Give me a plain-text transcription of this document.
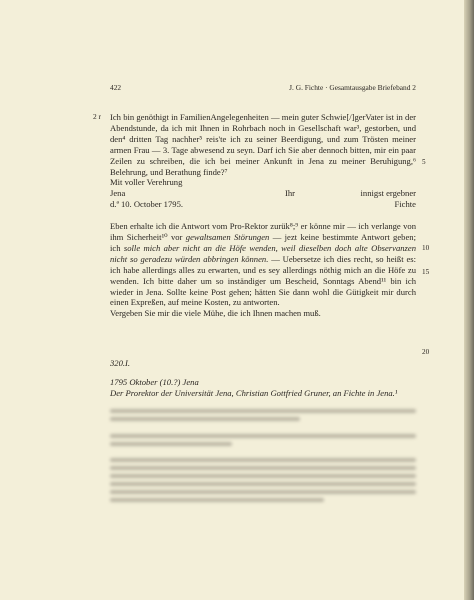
422	J. G. Fichte · Gesamtausgabe Briefeband 2
2 r Ich bin genöthigt in FamilienAngelegenheiten — mein guter Schwie[/]gerVater ist in der Abendstunde, da ich mit Ihnen in Rohrbach noch in Gesellschaft war³, gestorben, und den⁴ dritten Tag nachher⁵ reis'te ich zu seiner Beerdigung, und zum Trösten meiner armen Frau — 3. Tage abwesend zu seyn. Darf ich Sie aber dennoch bitten, mir ein paar Zeilen zu schreiben, die ich bei meiner Ankunft in Jena zu meiner Beruhigung,⁶ Belehrung, und Berathung finde?⁷

Mit voller Verehrung

Jena	Ihr	innigst ergebner
d.ª 10. October 1795.	Fichte

Eben erhalte ich die Antwort vom Pro-Rektor zurük⁸;⁹ er könne mir — ich verlange von ihm Sicherheit¹⁰ vor gewaltsamen Störungen — jezt keine bestimmte Antwort geben; ich solle mich aber nicht an die Höfe wenden, weil dieselben doch alte Observanzen nicht so geradezu würden abbringen können. — Uebersetze ich dies recht, so heißt es: ich habe allerdings alles zu erwarten, und es sey allerdings nöthig mich an die Höfe zu wenden. Ich bitte daher um so inständiger um Bescheid, Sonntags Abend¹¹ bin ich wieder in Jena. Sollte keine Post gehen; hätten Sie dann wohl die Gütigkeit mir durch einen Expreßen, auf meine Kosten, zu antworten.

Vergeben Sie mir die viele Mühe, die ich Ihnen machen muß.

5
10
15
20
320.I.
1795 Oktober (10.?) Jena
Der Prorektor der Universität Jena, Christian Gottfried Gruner, an Fichte in Jena.¹
